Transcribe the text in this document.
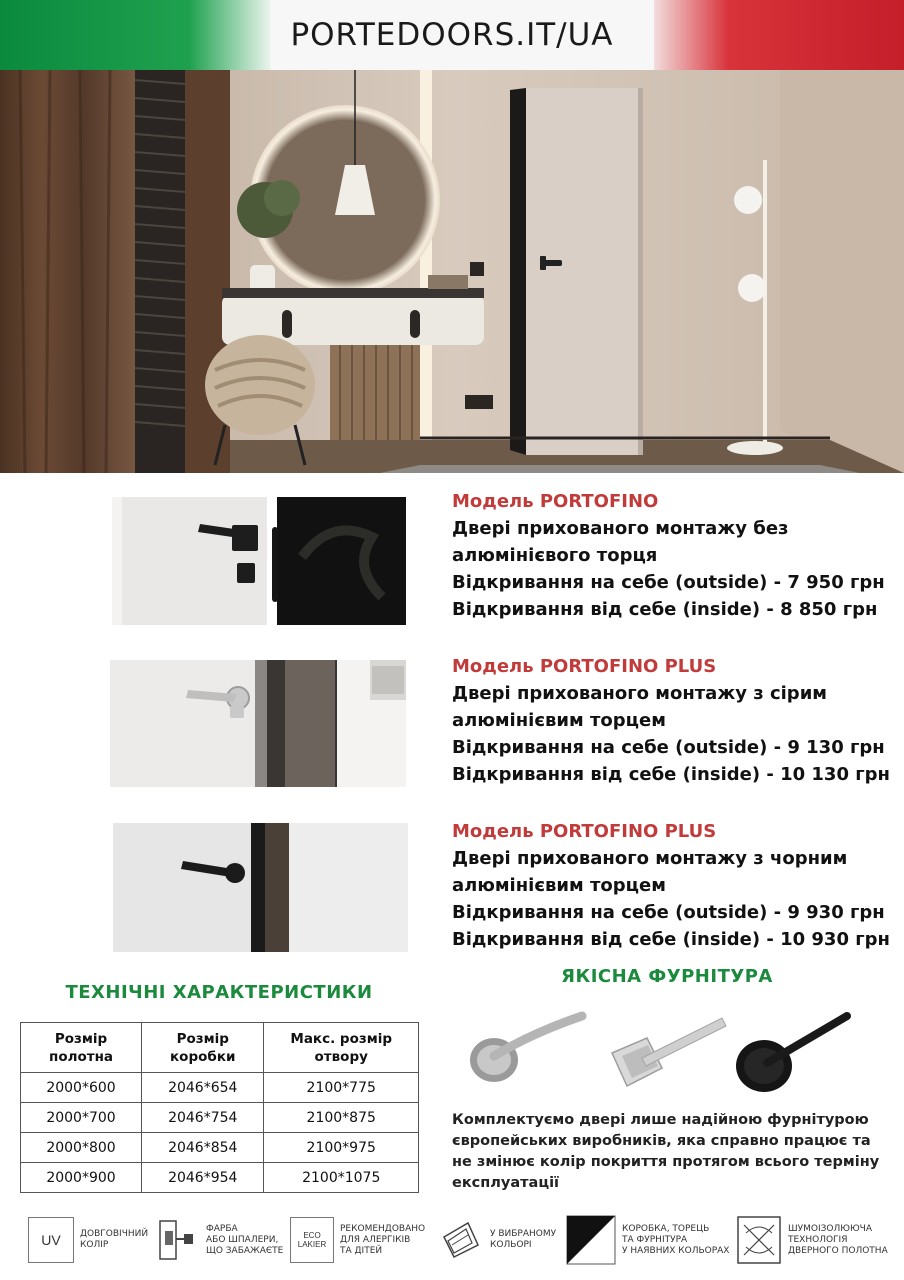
PORTEDOORS.IT/UA
Модель PORTOFINO
Двері прихованого монтажу без
алюмінієвого торця
Відкривання на себе (outside) - 7 950 грн
Відкривання від себе (inside) - 8 850 грн
Модель PORTOFINO PLUS
Двері прихованого монтажу з сірим
алюмінієвим торцем
Відкривання на себе (outside) - 9 130 грн
Відкривання від себе (inside) - 10 130 грн
Модель PORTOFINO PLUS
Двері прихованого монтажу з чорним
алюмінієвим торцем
Відкривання на себе (outside) - 9 930 грн
Відкривання від себе (inside) - 10 930 грн
ТЕХНІЧНІ ХАРАКТЕРИСТИКИ
Розмір полотна	Розмір коробки	Макс. розмір отвору
2000*600	2046*654	2100*775
2000*700	2046*754	2100*875
2000*800	2046*854	2100*975
2000*900	2046*954	2100*1075
ЯКІСНА ФУРНІТУРА
Комплектуємо двері лише надійною фурнітурою європейських виробників, яка справно працює та не змінює колір покриття протягом всього терміну експлуатації
UV ДОВГОВІЧНИЙ
КОЛІР
ФАРБА
АБО ШПАЛЕРИ,
ЩО ЗАБАЖАЄТЕ
ECO LAKIER
РЕКОМЕНДОВАНО
ДЛЯ АЛЕРГІКІВ
ТА ДІТЕЙ
У ВИБРАНОМУ
КОЛЬОРІ
КОРОБКА, ТОРЕЦЬ
ТА ФУРНІТУРА
У НАЯВНИХ КОЛЬОРАХ
ШУМОІЗОЛЮЮЧА
ТЕХНОЛОГІЯ
ДВЕРНОГО ПОЛОТНА
